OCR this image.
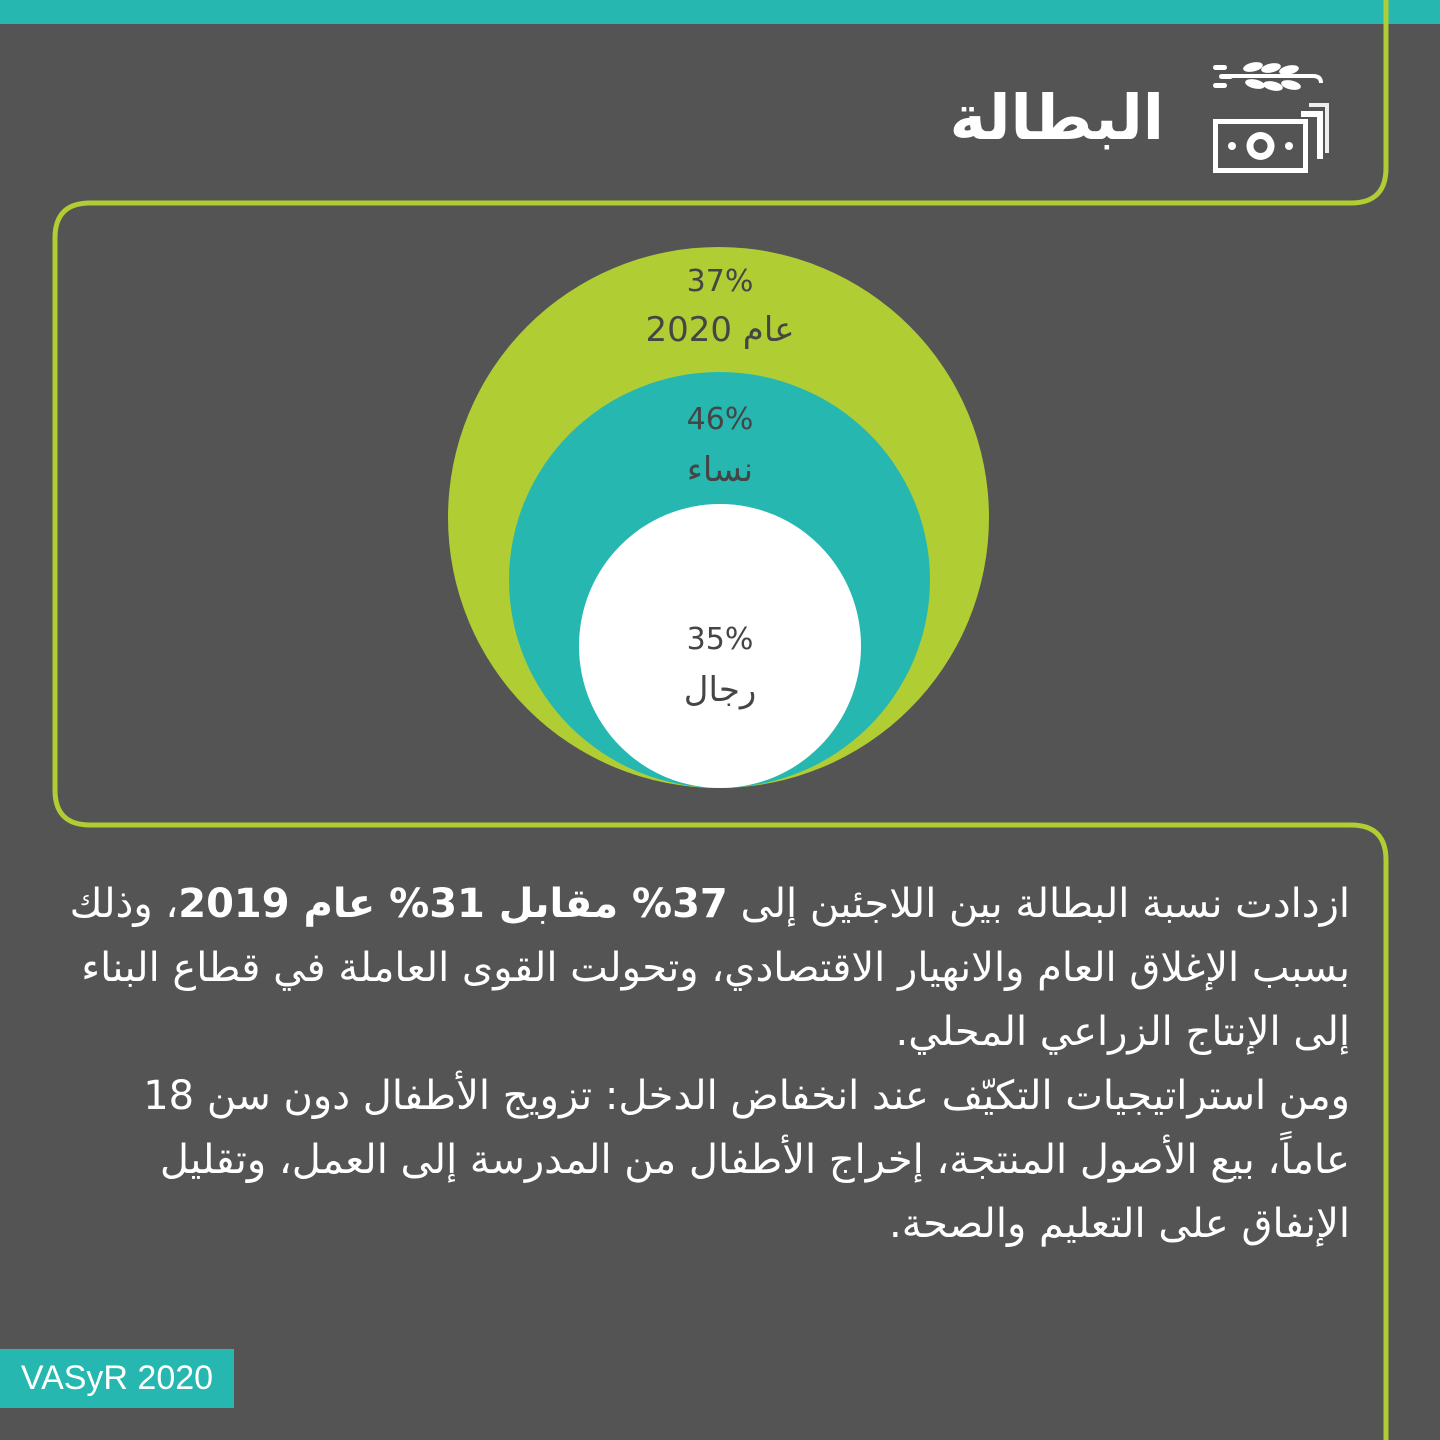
البطالة
37%
عام 2020
46%
نساء
35%
رجال
ازدادت نسبة البطالة بين اللاجئين إلى 37% مقابل 31% عام 2019، وذلك بسبب الإغلاق العام والانهيار الاقتصادي، وتحولت القوى العاملة في قطاع البناء إلى الإنتاج الزراعي المحلي.
ومن استراتيجيات التكيّف عند انخفاض الدخل: تزويج الأطفال دون سن 18 عاماً، بيع الأصول المنتجة، إخراج الأطفال من المدرسة إلى العمل، وتقليل الإنفاق على التعليم والصحة.
VASyR 2020
